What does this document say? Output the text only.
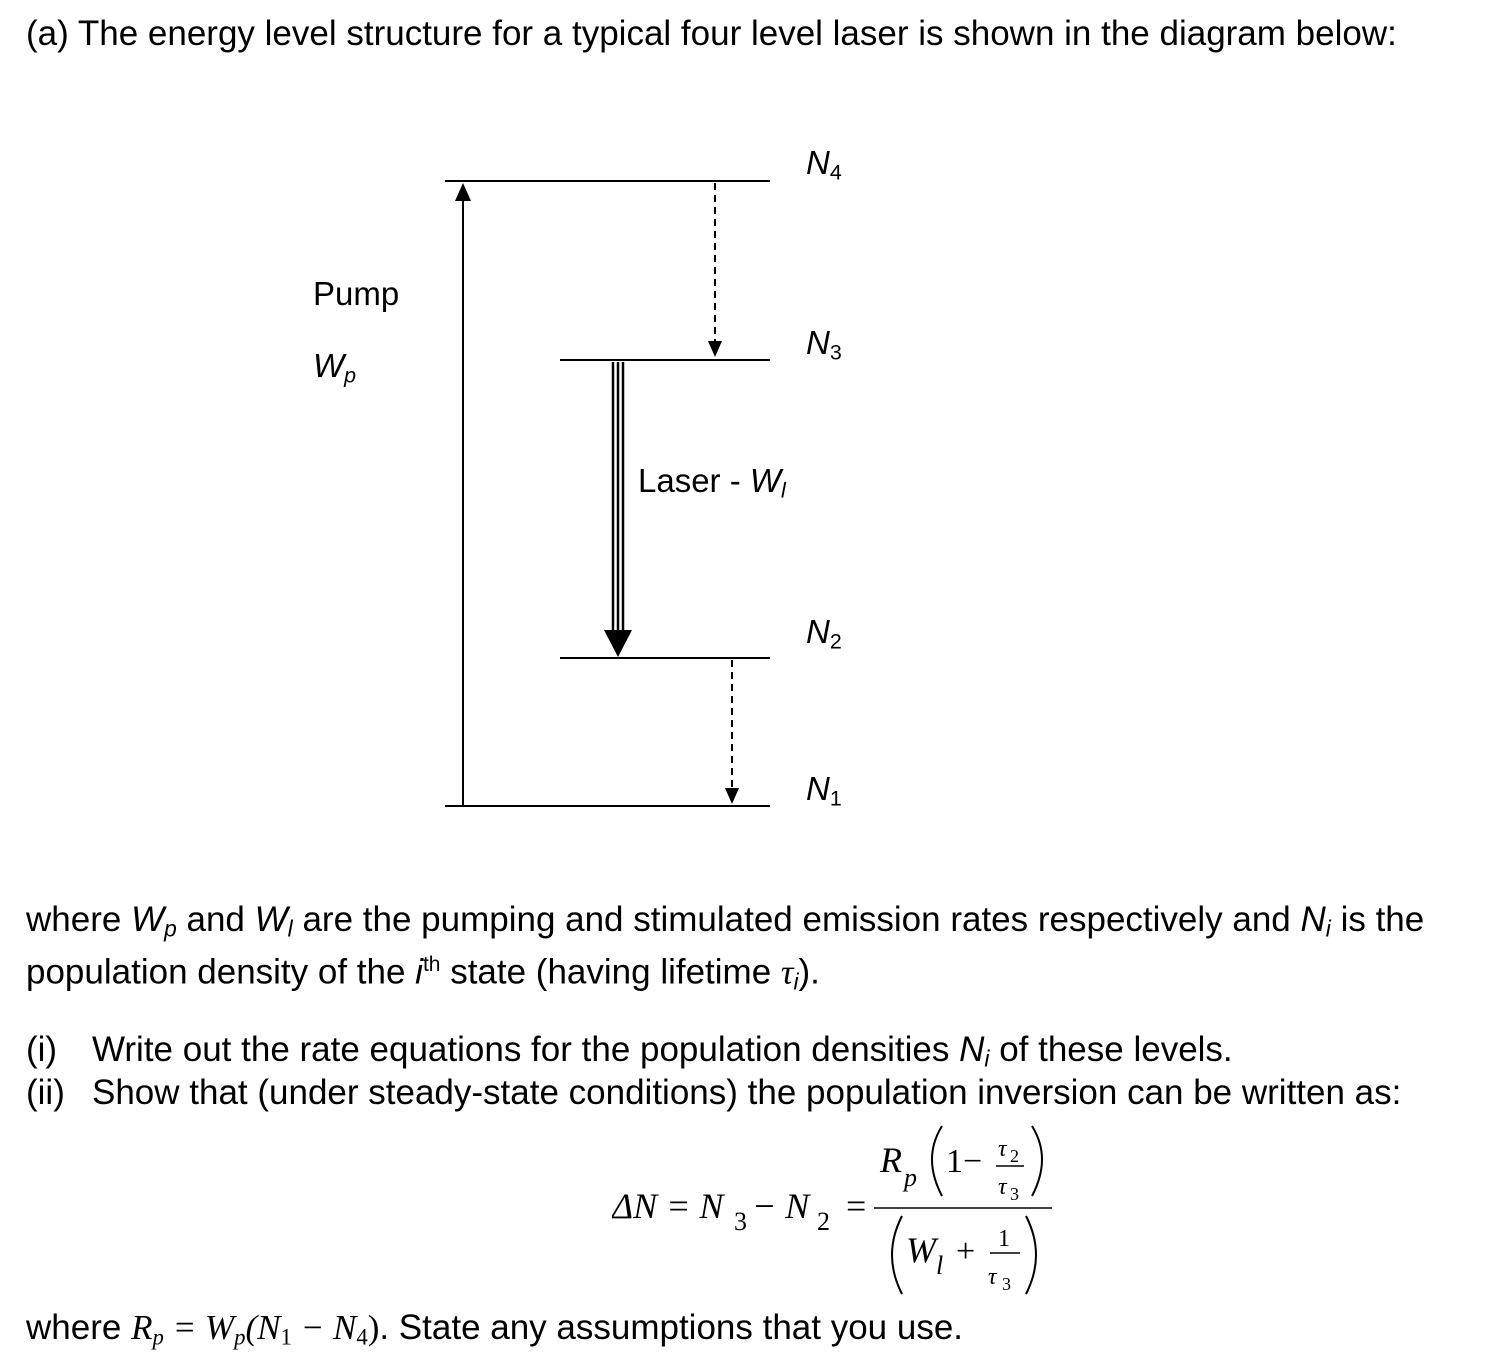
(a) The energy level structure for a typical four level laser is shown in the diagram below:
Pump
$W_p$
Laser - $W_l$
$N_4$
$N_3$
$N_2$
$N_1$
where $W_p$ and $W_l$ are the pumping and stimulated emission rates respectively and $N_i$ is the
population density of the $i^{th}$ state (having lifetime $\tau_i$).
(i) Write out the rate equations for the population densities $N_i$ of these levels.
(ii) Show that (under steady-state conditions) the population inversion can be written as:
ΔN = N 3 − N 2 =
R p 1− τ 2
τ 3
W l + 1
τ 3
where $R_p = W_p(N_1 - N_4)$. State any assumptions that you use.
